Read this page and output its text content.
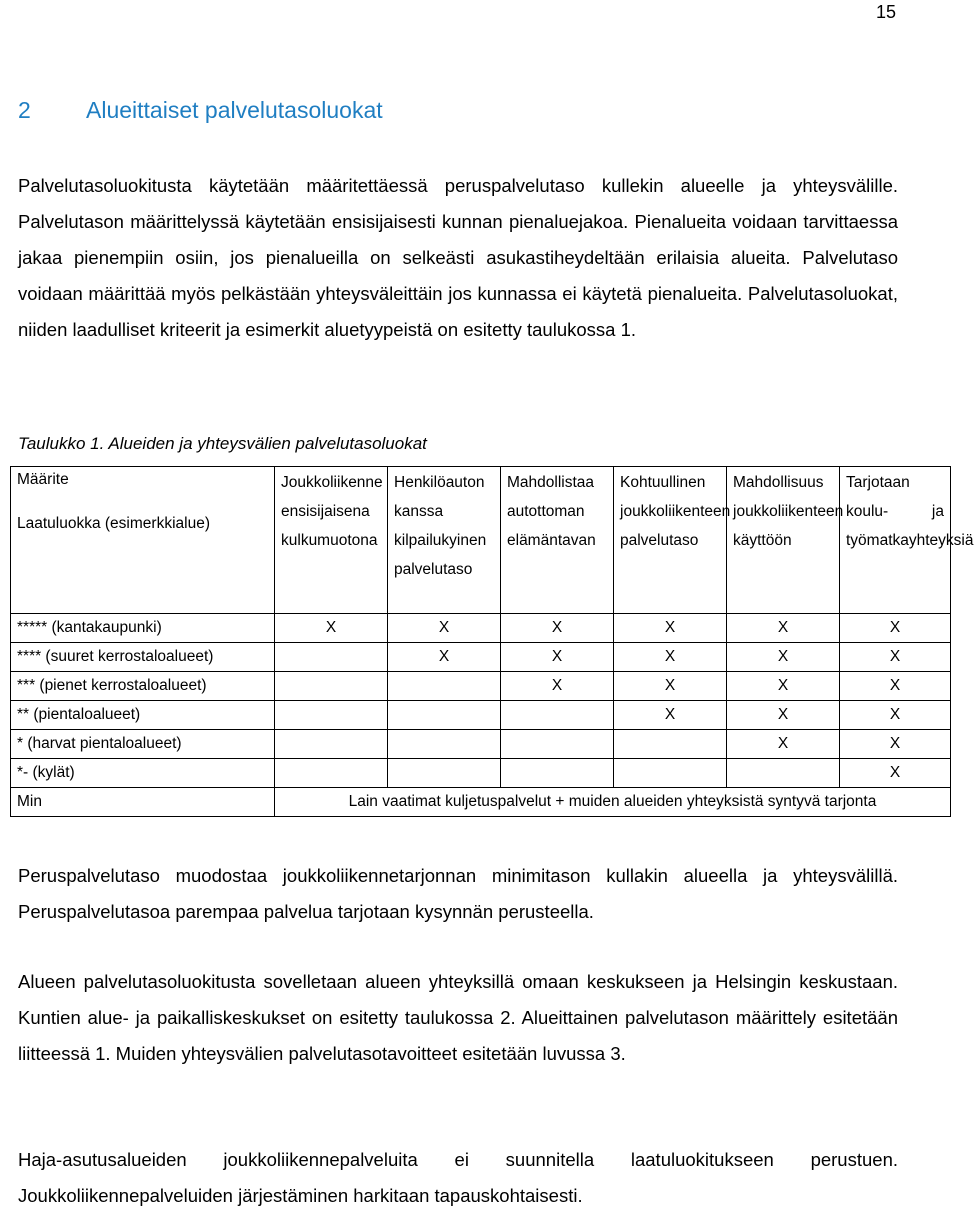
15
2 Alueittaiset palvelutasoluokat

Palvelutasoluokitusta käytetään määritettäessä peruspalvelutaso kullekin alueelle ja yhteysvälille. Palvelutason määrittelyssä käytetään ensisijaisesti kunnan pienaluejakoa. Pienalueita voidaan tarvittaessa jakaa pienempiin osiin, jos pienalueilla on selkeästi asukastiheydeltään erilaisia alueita. Palvelutaso voidaan määrittää myös pelkästään yhteysväleittäin jos kunnassa ei käytetä pienalueita. Palvelutasoluokat, niiden laadulliset kriteerit ja esimerkit aluetyypeistä on esitetty taulukossa 1.

Taulukko 1. Alueiden ja yhteysvälien palvelutasoluokat

Määrite
Laatuluokka (esimerkkialue)	Joukkoliikenne ensisijaisena kulkumuotona	Henkilöauton kanssa kilpailukyinen palvelutaso	Mahdollistaa autottoman elämäntavan	Kohtuullinen joukkoliikenteen palvelutaso	Mahdollisuus joukkoliikenteen käyttöön	Tarjotaan koulu- ja työmatkayhteyksiä
***** (kantakaupunki)	X	X	X	X	X	X
**** (suuret kerrostaloalueet)		X	X	X	X	X
*** (pienet kerrostaloalueet)			X	X	X	X
** (pientaloalueet)				X	X	X
* (harvat pientaloalueet)					X	X
*- (kylät)						X
Min	Lain vaatimat kuljetuspalvelut + muiden alueiden yhteyksistä syntyvä tarjonta					

Peruspalvelutaso muodostaa joukkoliikennetarjonnan minimitason kullakin alueella ja yhteysvälillä. Peruspalvelutasoa parempaa palvelua tarjotaan kysynnän perusteella.

Alueen palvelutasoluokitusta sovelletaan alueen yhteyksillä omaan keskukseen ja Helsingin keskustaan. Kuntien alue- ja paikalliskeskukset on esitetty taulukossa 2. Alueittainen palvelutason määrittely esitetään liitteessä 1. Muiden yhteysvälien palvelutasotavoitteet esitetään luvussa 3.

Haja-asutusalueiden joukkoliikennepalveluita ei suunnitella laatuluokitukseen perustuen. Joukkoliikennepalveluiden järjestäminen harkitaan tapauskohtaisesti.
